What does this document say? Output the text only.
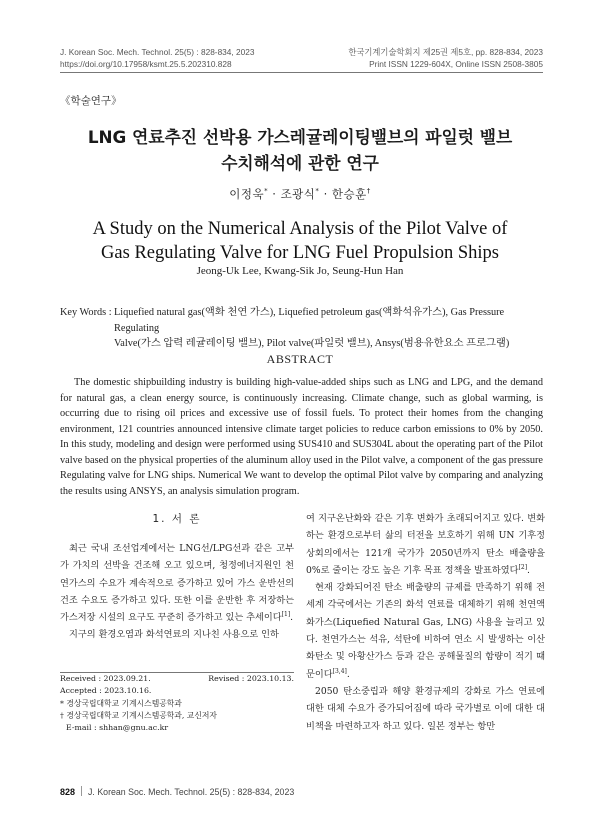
J. Korean Soc. Mech. Technol. 25(5) : 828-834, 2023
https://doi.org/10.17958/ksmt.25.5.202310.828
한국기계기술학회지 제25권 제5호, pp. 828-834, 2023
Print ISSN 1229-604X, Online ISSN 2508-3805
《학술연구》
LNG 연료추진 선박용 가스레귤레이팅밸브의 파일럿 밸브
수치해석에 관한 연구
이정욱* · 조광식* · 한승훈†
A Study on the Numerical Analysis of the Pilot Valve of
Gas Regulating Valve for LNG Fuel Propulsion Ships
Jeong-Uk Lee, Kwang-Sik Jo, Seung-Hun Han
Key Words : Liquefied natural gas(액화 천연 가스), Liquefied petroleum gas(액화석유가스), Gas Pressure Regulating
Valve(가스 압력 레귤레이팅 밸브), Pilot valve(파일럿 밸브), Ansys(범용유한요소 프로그램)
ABSTRACT

The domestic shipbuilding industry is building high-value-added ships such as LNG and LPG, and the demand for natural gas, a clean energy source, is continuously increasing. Climate change, such as global warming, is occurring due to rising oil prices and excessive use of fossil fuels. To protect their homes from the changing environment, 121 countries announced intensive climate target policies to reduce carbon emissions to 0% by 2050. In this study, modeling and design were performed using SUS410 and SUS304L about the operating part of the Pilot valve based on the physical properties of the aluminum alloy used in the Pilot valve, a component of the gas pressure Regulating valve for LNG ships. Numerical We want to develop the optimal Pilot valve by comparing and analyzing the results using ANSYS, an analysis simulation program.

1. 서 론

최근 국내 조선업계에서는 LNG선/LPG선과 같은 고부가 가치의 선박을 건조해 오고 있으며, 청정에너지원인 천연가스의 수요가 계속적으로 증가하고 있어 가스 운반선의 건조 수요도 증가하고 있다. 또한 이를 운반한 후 저장하는 가스저장 시설의 요구도 꾸준히 증가하고 있는 추세이다[1].

지구의 환경오염과 화석연료의 지나친 사용으로 인하

Received : 2023.09.21.	Revised : 2023.10.13.
Accepted : 2023.10.16.
* 경상국립대학교 기계시스템공학과
† 경상국립대학교 기계시스템공학과, 교신저자
E-mail : shhan@gnu.ac.kr

여 지구온난화와 같은 기후 변화가 초래되어지고 있다. 변화하는 환경으로부터 삶의 터전을 보호하기 위해 UN 기후정상회의에서는 121개 국가가 2050년까지 탄소 배출량을 0%로 줄이는 강도 높은 기후 목표 정책을 발표하였다[2].

현재 강화되어진 탄소 배출량의 규제를 만족하기 위해 전 세계 각국에서는 기존의 화석 연료를 대체하기 위해 천연액화가스(Liquefied Natural Gas, LNG) 사용을 늘리고 있다. 천연가스는 석유, 석탄에 비하여 연소 시 발생하는 이산화탄소 및 아황산가스 등과 같은 공해물질의 함량이 적기 때문이다[3,4].

2050 탄소중립과 해양 환경규제의 강화로 가스 연료에 대한 대체 수요가 증가되어짐에 따라 국가별로 이에 대한 대비책을 마련하고자 하고 있다. 일본 정부는 항만

828 J. Korean Soc. Mech. Technol. 25(5) : 828-834, 2023
